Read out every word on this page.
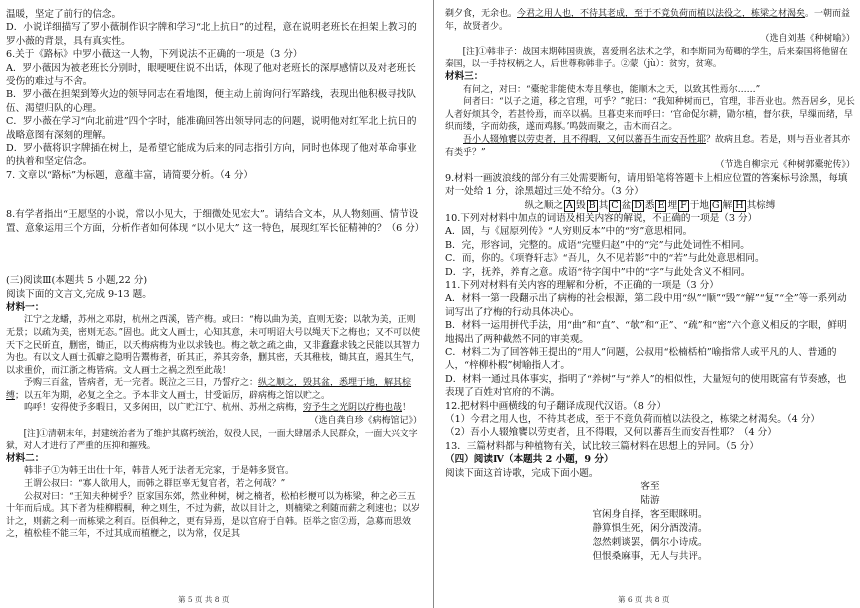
温暖，坚定了前行的信念。

D．小说详细描写了罗小薇制作识字牌和学习“北上抗日”的过程，意在说明老班长在担架上教习的罗小薇的背景，具有真实性。

6.关于《路标》中罗小薇这一人物，下列说法不正确的一项是（3 分）

A．罗小薇因为被老班长分别时，眼哽哽住说不出话，体现了他对老班长的深厚感情以及对老班长受伤的难过与不舍。

B．罗小薇在担架到筹火边的领导同志在看地图，便主动上前询问行军路线，表现出他积极寻找队伍、渴望归队的心理。

C．罗小薇在学习“向北前进”四个字时，能准确回答出领导同志的问题，说明他对红军北上抗日的战略意图有深刻的理解。

D．罗小薇将识字牌插在树上，是希望它能成为后来的同志指引方向，同时也体现了他对革命事业的执着和坚定信念。

7. 文章以“路标”为标题，意蕴丰富，请简要分析。（4 分）

8.有学者指出“王愿坚的小说，常以小见大，于细微处见宏大”。请结合文本，从人物刻画、情节设置、意象运用三个方面，分析作者如何体现 “以小见大” 这一特色，展现红军长征精神的？（6 分）

(三)阅读Ⅲ(本题共 5 小题,22 分)

阅读下面的文言文,完成 9-13 题。

材料一：

江宁之龙蟠，苏州之邓尉，杭州之西溪，皆产梅。或曰：“梅以曲为美，直则无姿；以欹为美，正则无景；以疏为美，密则无态。”固也。此文人画士，心知其意，未可明诏大号以绳天下之梅也；又不可以使天下之民斫直，删密，锄正，以夭梅病梅为业以求钱也。梅之欹之疏之曲，又非蠢蠢求钱之民能以其智力为也。有以文人画士孤癖之隐明告鬻梅者，斫其正，养其旁条，删其密，夭其稚枝，锄其直，遏其生气，以求重价，而江浙之梅皆病。文人画士之祸之烈至此哉！

予购三百盆，皆病者，无一完者。既泣之三日，乃誓疗之：纵之顺之，毁其盆，悉埋于地，解其棕缚；以五年为期，必复之全之。予本非文人画士，甘受诟厉，辟病梅之馆以贮之。

呜呼！安得使予多暇日，又多闲田，以广贮江宁、杭州、苏州之病梅，穷予生之光阴以疗梅也哉！

（选自龚自珍《病梅馆记》）

[注]①清朝末年，封建统治者为了维护其腐朽统治，奴役人民，一面大肆屠杀人民群众，一面大兴文字狱，对人才进行了严重的压抑和摧残。

材料二：

韩非子①为韩王出仕十年，韩昔人死于法者无完家，于是韩多贤官。

王谓公叔曰：“寡人欲用人，而韩之群臣辜无复官者，若之何哉？”

公叔对曰：“王知夫种树乎？臣家国东郊，然业种树，树之楠者，松柏杉楩可以为栋梁，种之必三五十年而后成。其下者为桂柳椵桐，种之则生，不过为薪，故以目计之，则楠梁之利随而薪之利速也；以岁计之，则薪之利一而栋梁之利百。臣俱种之，更有异焉，是以官府于自韩。臣举之宦②焉，急募而思效之，植松桂不能三年，不过其成而植楩之，以为常，仅足其

第 5 页 共 8 页

剃夕食，无余也。今君之用人也，不待其老成，至于不竟负荷而植以法役之，栋梁之材渴矣。一朝而益年，故贤者少。

（选自刘基《种树喻》）

[注]①韩非子：战国末期韩国贵族，喜爱刑名法术之学，和李斯同为荀卿的学生，后来秦国将他留在秦国，以一手持权柄之人，后世尊称韩非子。②蒙（jù）：贫穷，贫寒。

材料三：

有问之，对曰：“橐驼非能使木寿且孳也，能顺木之天，以致其性焉尔……”

问者曰：“以子之道，移之官理，可乎？”驼曰：“我知种树而已，官理，非吾业也。然吾居乡，见长人者好烦其令，若甚怜焉，而卒以祸。旦暮吏来而呼曰：‘官命促尔耕，勖尔植，督尔获，早缫而绪，早织而缕，字而幼孩，遂而鸡豚。’鸣鼓而聚之，击木而召之。

吾小人辍飧饔以劳吏者，且不得暇，又何以蕃吾生而安吾性耶？故病且怠。若是，则与吾业者其亦有类乎？”

（节选自柳宗元《种树郭橐驼传》）

9.材料一画波浪线的部分有三处需要断句，请用铅笔将答题卡上相应位置的答案标号涂黑，每填对一处给 1 分，涂黑超过三处不给分。（3 分）

纵之顺之 A 毁 B 其 C 盆 D 悉 E 埋 F 于地 G 解 H 其棕缚

10.下列对材料中加点的词语及相关内容的解说，不正确的一项是（3 分）

A．固，与《屈原列传》“人穷则反本”中的“穷”意思相同。

B．完，形容词，完整的。成语“完璧归赵”中的“完”与此处词性不相同。

C．而，你的。《项脊轩志》“吾儿，久不见若影”中的“若”与此处意思相同。

D．字，抚养，养育之意。成语“待字闺中”中的“字”与此处含义不相同。

11.下列对材料有关内容的理解和分析，不正确的一项是（3 分）

A．材料一第一段翻示出了病梅的社会根源，第二段中用“纵”“顺”“毁”“解”“复”“全”等一系列动词写出了疗梅的行动具体决心。

B．材料一运用拼代手法，用“曲”和“直”、“欹”和“正”、“疏”和“密”六个意义相反的字眼，鲜明地揭出了两种截然不同的审美观。

C．材料二为了回答韩王提出的“用人”问题，公叔用“松楠栝柏”喻指常人或平凡的人、普通的人，“梓柳朴椵”树喻指人才。

D．材料一通过具体事实，指明了“养树”与“养人”的相似性，大量短句的使用既富有节奏感，也表现了百姓对官府的不满。

12.把材料中画横线的句子翻译成现代汉语。（8 分）

（1）今君之用人也，不待其老成，至于不竟负荷而植以法役之，栋梁之材渴矣。（4 分）

（2）吾小人辍飧饔以劳吏者，且不得暇，又何以蕃吾生而安吾性耶？（4 分）

13．三篇材料都与种植物有关，试比较三篇材料在思想上的异同。（5 分）

（四）阅读Ⅳ（本题共 2 小题，9 分）

阅读下面这首诗歌，完成下面小题。

客至

陆游

官闲身自择，客至眼眯明。

静算惧生死，闲分酒泼清。

忽然刺谈罢，偶尔小诗成。

但恨桑麻事，无人与共评。

第 6 页 共 8 页
